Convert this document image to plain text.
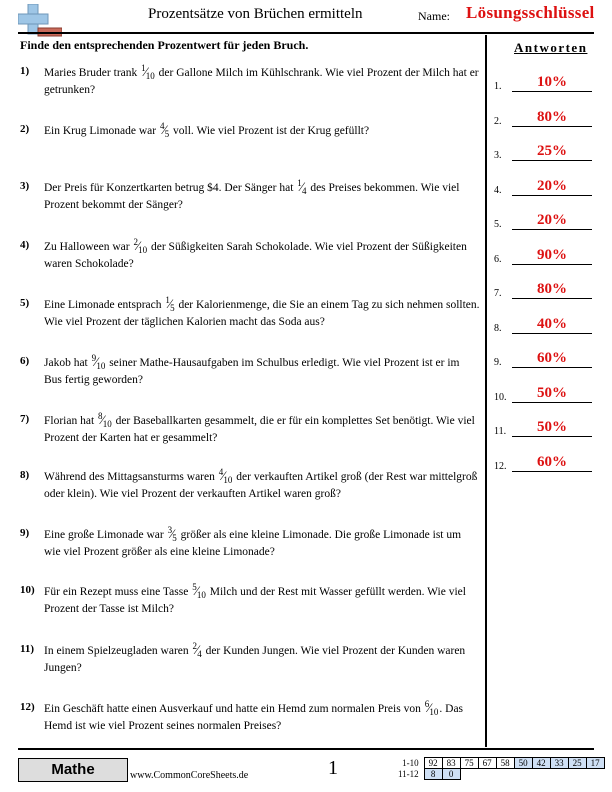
Prozentsätze von Brüchen ermitteln	Name: Lösungsschlüssel
Finde den entsprechenden Prozentwert für jeden Bruch.	Antworten
1) Maries Bruder trank 1⁄10 der Gallone Milch im Kühlschrank. Wie viel Prozent der Milch hat er getrunken?
2) Ein Krug Limonade war 4⁄5 voll. Wie viel Prozent ist der Krug gefüllt?
3) Der Preis für Konzertkarten betrug $4. Der Sänger hat 1⁄4 des Preises bekommen. Wie viel Prozent bekommt der Sänger?
4) Zu Halloween war 2⁄10 der Süßigkeiten Sarah Schokolade. Wie viel Prozent der Süßigkeiten waren Schokolade?
5) Eine Limonade entsprach 1⁄5 der Kalorienmenge, die Sie an einem Tag zu sich nehmen sollten. Wie viel Prozent der täglichen Kalorien macht das Soda aus?
6) Jakob hat 9⁄10 seiner Mathe-Hausaufgaben im Schulbus erledigt. Wie viel Prozent ist er im Bus fertig geworden?
7) Florian hat 8⁄10 der Baseballkarten gesammelt, die er für ein komplettes Set benötigt. Wie viel Prozent der Karten hat er gesammelt?
8) Während des Mittagsansturms waren 4⁄10 der verkauften Artikel groß (der Rest war mittelgroß oder klein). Wie viel Prozent der verkauften Artikel waren groß?
9) Eine große Limonade war 3⁄5 größer als eine kleine Limonade. Die große Limonade ist um wie viel Prozent größer als eine kleine Limonade?
10) Für ein Rezept muss eine Tasse 5⁄10 Milch und der Rest mit Wasser gefüllt werden. Wie viel Prozent der Tasse ist Milch?
11) In einem Spielzeugladen waren 2⁄4 der Kunden Jungen. Wie viel Prozent der Kunden waren Jungen?
12) Ein Geschäft hatte einen Ausverkauf und hatte ein Hemd zum normalen Preis von 6⁄10. Das Hemd ist wie viel Prozent seines normalen Preises?
1.	10%
2.	80%
3.	25%
4.	20%
5.	20%
6.	90%
7.	80%
8.	40%
9.	60%
10.	50%
11.	50%
12.	60%
Mathe	www.CommonCoreSheets.de	1	1-10	92	83	75	67	58	50	42	33	25	17
11-12	8	0								
